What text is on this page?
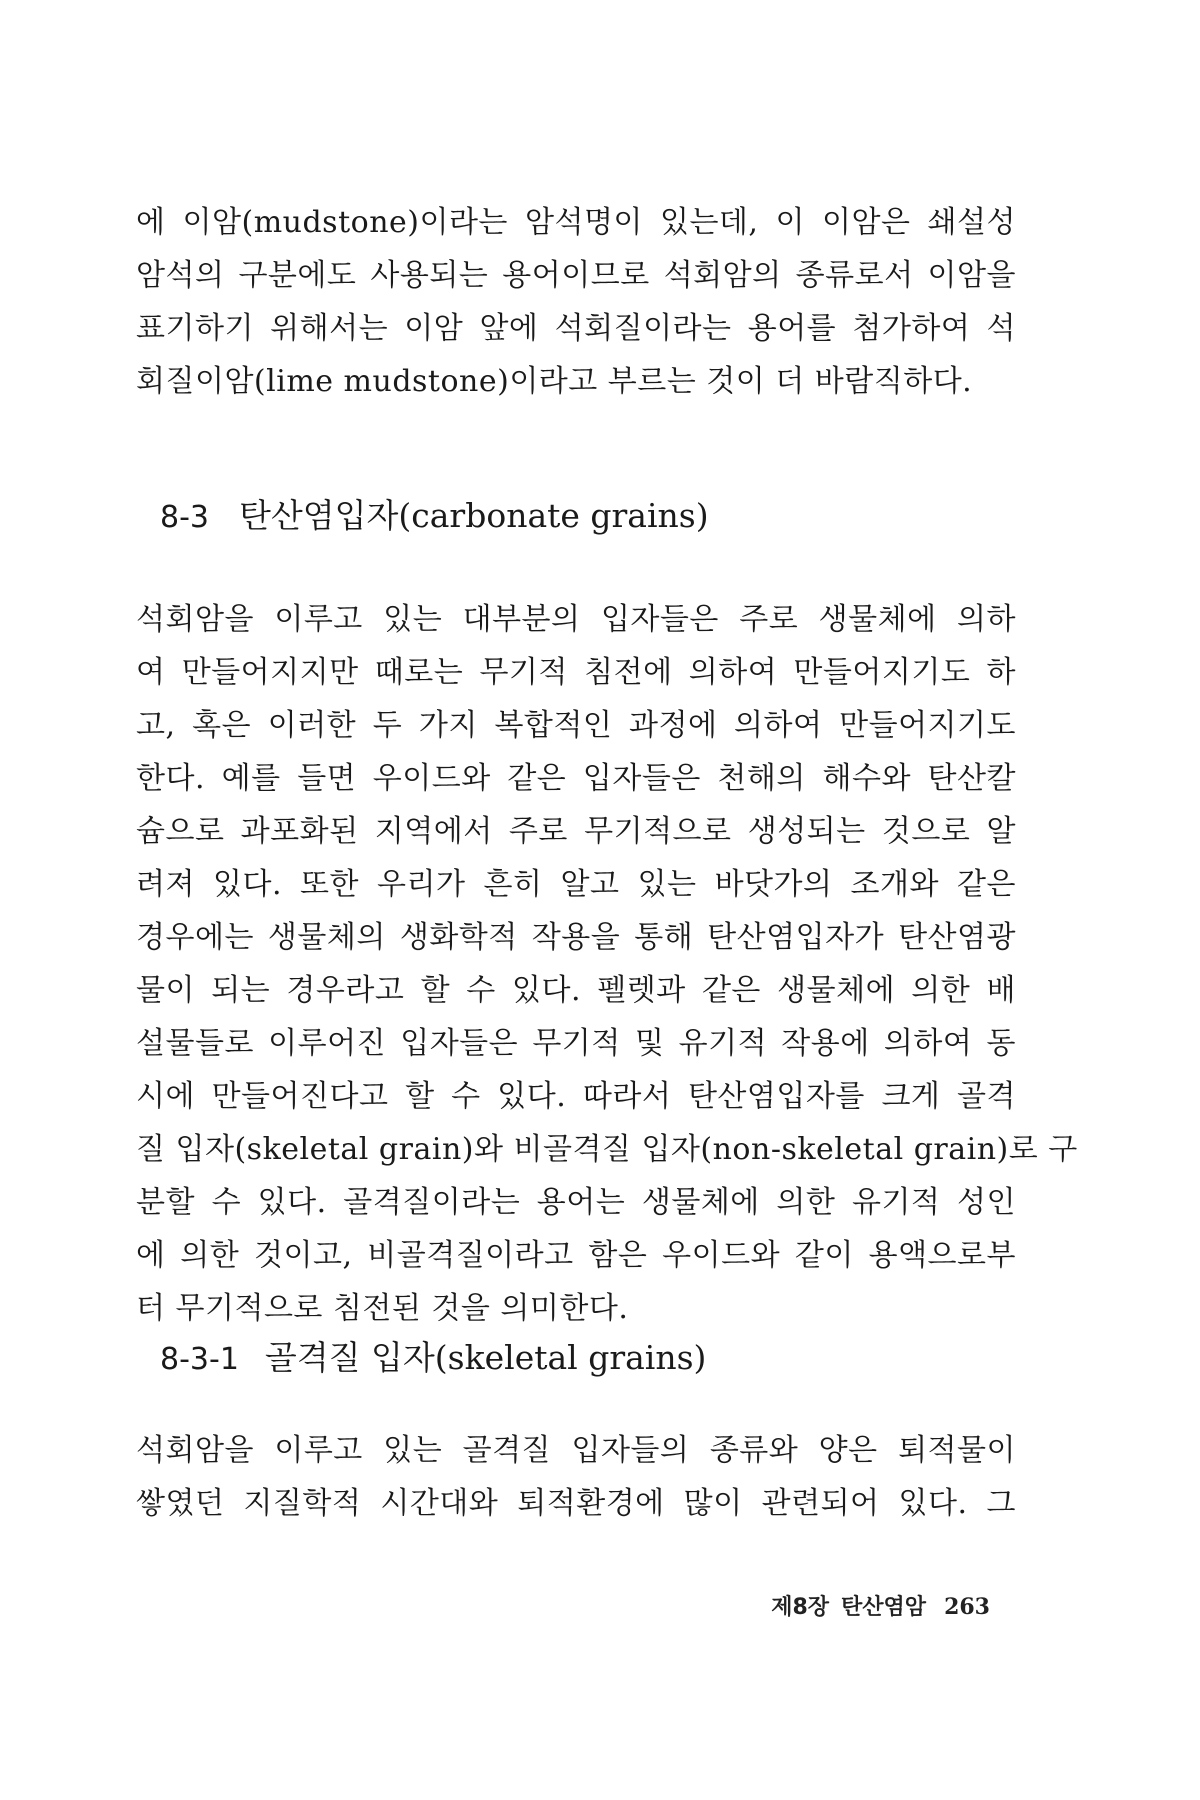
에 이암(mudstone)이라는 암석명이 있는데, 이 이암은 쇄설성
암석의 구분에도 사용되는 용어이므로 석회암의 종류로서 이암을
표기하기 위해서는 이암 앞에 석회질이라는 용어를 첨가하여 석
회질이암(lime mudstone)이라고 부르는 것이 더 바람직하다.
8-3 탄산염입자(carbonate grains)
석회암을 이루고 있는 대부분의 입자들은 주로 생물체에 의하
여 만들어지지만 때로는 무기적 침전에 의하여 만들어지기도 하
고, 혹은 이러한 두 가지 복합적인 과정에 의하여 만들어지기도
한다. 예를 들면 우이드와 같은 입자들은 천해의 해수와 탄산칼
슘으로 과포화된 지역에서 주로 무기적으로 생성되는 것으로 알
려져 있다. 또한 우리가 흔히 알고 있는 바닷가의 조개와 같은
경우에는 생물체의 생화학적 작용을 통해 탄산염입자가 탄산염광
물이 되는 경우라고 할 수 있다. 펠렛과 같은 생물체에 의한 배
설물들로 이루어진 입자들은 무기적 및 유기적 작용에 의하여 동
시에 만들어진다고 할 수 있다. 따라서 탄산염입자를 크게 골격
질 입자(skeletal grain)와 비골격질 입자(non-skeletal grain)로 구
분할 수 있다. 골격질이라는 용어는 생물체에 의한 유기적 성인
에 의한 것이고, 비골격질이라고 함은 우이드와 같이 용액으로부
터 무기적으로 침전된 것을 의미한다.
8-3-1 골격질 입자(skeletal grains)
석회암을 이루고 있는 골격질 입자들의 종류와 양은 퇴적물이
쌓였던 지질학적 시간대와 퇴적환경에 많이 관련되어 있다. 그
제8장 탄산염암 263
